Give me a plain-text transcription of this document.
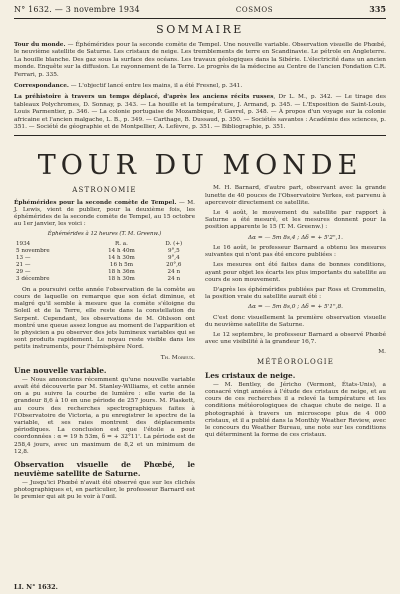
N° 1632. — 3 novembre 1934	COSMOS	335
SOMMAIRE

Tour du monde. — Éphémérides pour la seconde comète de Tempel. Une nouvelle variable. Observation visuelle de Phœbé, le neuvième satellite de Saturne. Les cristaux de neige. Les tremblements de terre en Scandinavie. Le pétrole en Angleterre. La houille blanche. Des gaz sous la surface des océans. Les travaux géologiques dans la Sibérie. L'électricité dans un ancien monde. Enquête sur la diffusion. Le rayonnement de la Terre. Le progrès de la médecine au Centre de l'ancien Fondation C.R. Ferrari, p. 335.

Correspondance. — L'objectif lancé entre les mains, il a été Fresnel, p. 341.

La préhistoire à travers un temps déplacé, d'après les anciens récits russes, Dr L. M., p. 342. — Le tirage des tableaux Polychromes, D. Sonnay, p. 343. — La houille et la température, J. Armand, p. 345. — L'Exposition de Saint-Louis, Louis Parmentier, p. 346. — La colonie portugaise de Mozambique, P. Gavrel, p. 348. — À propos d'un voyage sur la colonie africaine et l'ancien malgache, L. B., p. 349. — Carthage, B. Dussaud, p. 350. — Sociétés savantes : Académie des sciences, p. 351. — Société de géographie et de Montpellier, A. Lefèvre, p. 351. — Bibliographie, p. 351.

TOUR DU MONDE
ASTRONOMIE

Éphémérides pour la seconde comète de Tempel. — M. J. Lewis, vient de publier, pour la deuxième fois, les éphémérides de la seconde comète de Tempel, au 15 octobre au 1er janvier, les voici :

Éphémérides à 12 heures (T. M. Greenw.)
1934	R. a.	D. (+)
5 novembre	14 h 40m	9°,5
13 —	14 h 30m	9°,4
21 —	16 h 5m	20°,6
29 —	18 h 36m	24 n
3 décembre	18 h 30m	24 n

On a poursuivi cette année l'observation de la comète au cours de laquelle on remarque que son éclat diminue, et malgré qu'il semble à mesure que la comète s'éloigne du Soleil et de la Terre, elle reste dans la constellation du Serpent. Cependant, les observations de M. Ohlsson ont montré une queue assez longue au moment de l'apparition et le physicien a pu observer des jets lumineux variables qui se sont produits rapidement. Le noyau reste visible dans les petits instruments, pour l'hémisphère Nord.

Th. Moreux.
Une nouvelle variable.

— Nous annoncions récemment qu'une nouvelle variable avait été découverte par M. Stanley-Williams, et cette année on a pu suivre la courbe de lumière : elle varie de la grandeur 8,6 à 10 en une période de 257 jours. M. Plaskett, au cours des recherches spectrographiques faites à l'Observatoire de Victoria, a pu enregistrer le spectre de la variable, et ses raies montrent des déplacements périodiques. La conclusion est que l'étoile a pour coordonnées : α = 19 h 53m, δ = + 32°11'. La période est de 258,4 jours, avec un maximum de 8,2 et un minimum de 12,8.

Observation visuelle de Phœbé, le neuvième satellite de Saturne.

— Jusqu'ici Phœbé n'avait été observé que sur les clichés photographiques et, en particulier, le professeur Barnard est le premier qui ait pu le voir à l'œil.

M. H. Barnard, d'autre part, observant avec la grande lunette de 40 pouces de l'Observatoire Yerkes, est parvenu à apercevoir directement ce satellite.

Le 4 août, le mouvement du satellite par rapport à Saturne a été mesuré, et les mesures donnent pour la position apparente le 15 (T. M. Greenw.) :

Δα = — 5m 8s,4 ; Δδ = + 5'2",1.

Le 16 août, le professeur Barnard a obtenu les mesures suivantes qui n'ont pas été encore publiées :

Les mesures ont été faites dans de bonnes conditions, ayant pour objet les écarts les plus importants du satellite au cours de son mouvement.

D'après les éphémérides publiées par Ross et Crommelin, la position vraie du satellite aurait été :

Δα = — 5m 8s,0 ; Δδ = + 5'1",8.

C'est donc visuellement la première observation visuelle du neuvième satellite de Saturne.

Le 12 septembre, le professeur Barnard a observé Phœbé avec une visibilité à la grandeur 16,7.

M.
MÉTÉOROLOGIE
Les cristaux de neige.

— M. Bentley, de Jéricho (Vermont, États-Unis), a consacré vingt années à l'étude des cristaux de neige, et au cours de ces recherches il a relevé la température et les conditions météorologiques de chaque chute de neige. Il a photographié à travers un microscope plus de 4 000 cristaux, et il a publié dans la Monthly Weather Review, avec le concours du Weather Bureau, une note sur les conditions qui déterminent la forme de ces cristaux.

LI. N° 1632.
